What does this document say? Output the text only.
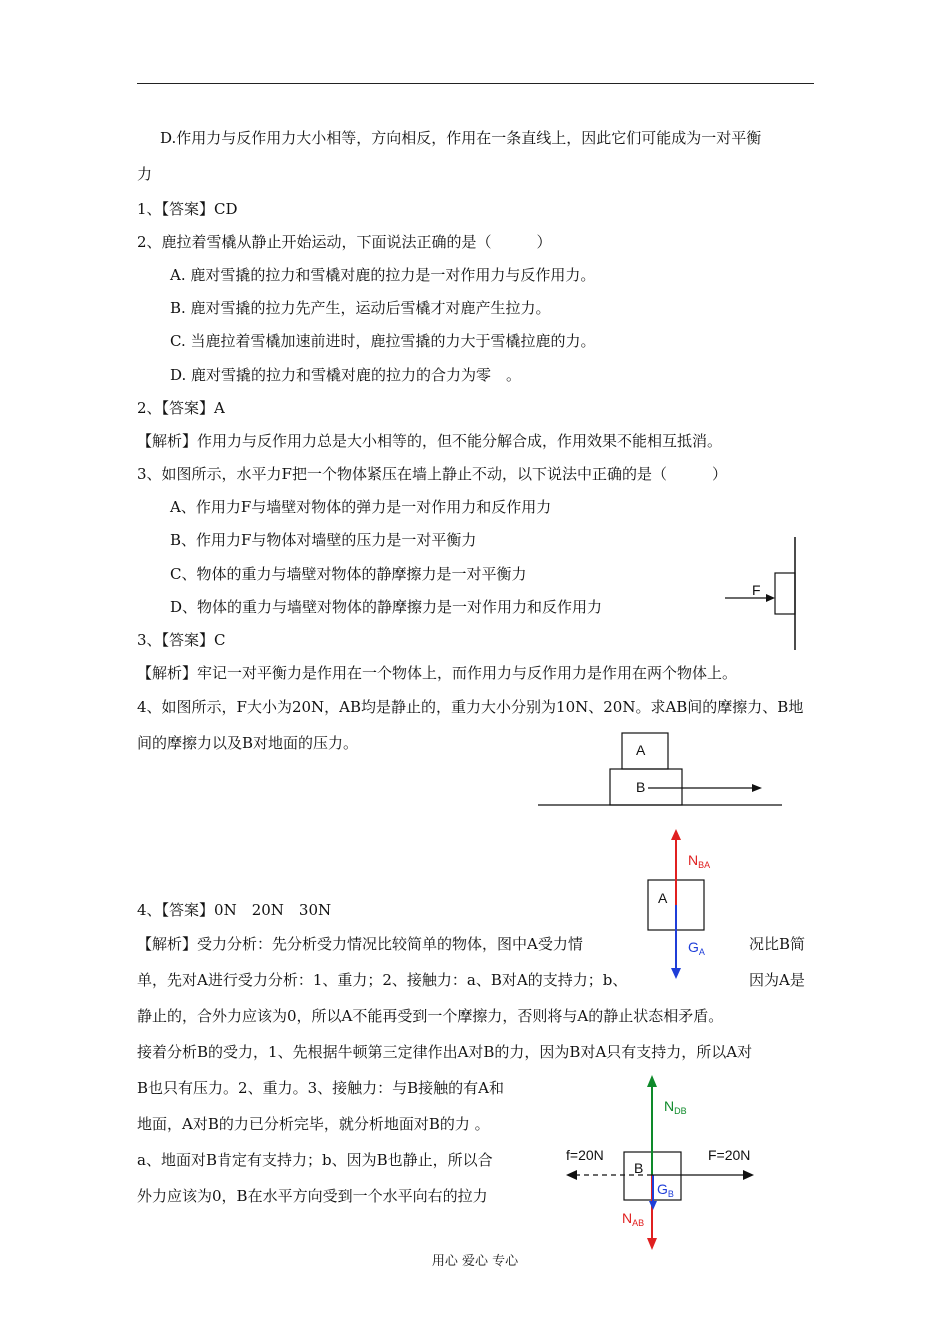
D.作用力与反作用力大小相等，方向相反，作用在一条直线上，因此它们可能成为一对平衡
力
1、【答案】CD
2、鹿拉着雪橇从静止开始运动，下面说法正确的是（　　　）
A. 鹿对雪撬的拉力和雪橇对鹿的拉力是一对作用力与反作用力。
B. 鹿对雪撬的拉力先产生，运动后雪橇才对鹿产生拉力。
C. 当鹿拉着雪橇加速前进时，鹿拉雪撬的力大于雪橇拉鹿的力。
D. 鹿对雪撬的拉力和雪橇对鹿的拉力的合力为零　。
2、【答案】A
【解析】作用力与反作用力总是大小相等的，但不能分解合成，作用效果不能相互抵消。
3、如图所示，水平力F把一个物体紧压在墙上静止不动，以下说法中正确的是（　　　）
A、作用力F与墙壁对物体的弹力是一对作用力和反作用力
B、作用力F与物体对墙壁的压力是一对平衡力
C、物体的重力与墙壁对物体的静摩擦力是一对平衡力
D、物体的重力与墙壁对物体的静摩擦力是一对作用力和反作用力
3、【答案】C
【解析】牢记一对平衡力是作用在一个物体上，而作用力与反作用力是作用在两个物体上。
4、如图所示，F大小为20N，AB均是静止的，重力大小分别为10N、20N。求AB间的摩擦力、B地
间的摩擦力以及B对地面的压力。
4、【答案】0N　20N　30N
【解析】受力分析：先分析受力情况比较简单的物体，图中A受力情	况比B简
单，先对A进行受力分析：1、重力；2、接触力：a、B对A的支持力；b、	因为A是
静止的，合外力应该为0，所以A不能再受到一个摩擦力，否则将与A的静止状态相矛盾。
接着分析B的受力，1、先根据牛顿第三定律作出A对B的力，因为B对A只有支持力，所以A对
B也只有压力。2、重力。3、接触力：与B接触的有A和
地面，A对B的力已分析完毕，就分析地面对B的力 。
a、地面对B肯定有支持力；b、因为B也静止，所以合
外力应该为0，B在水平方向受到一个水平向右的拉力
F
A
B
A
$N_{BA}$
$G_A$
B
$N_{DB}$
$G_B$
$N_{AB}$
f=20N	F=20N
用心 爱心 专心
